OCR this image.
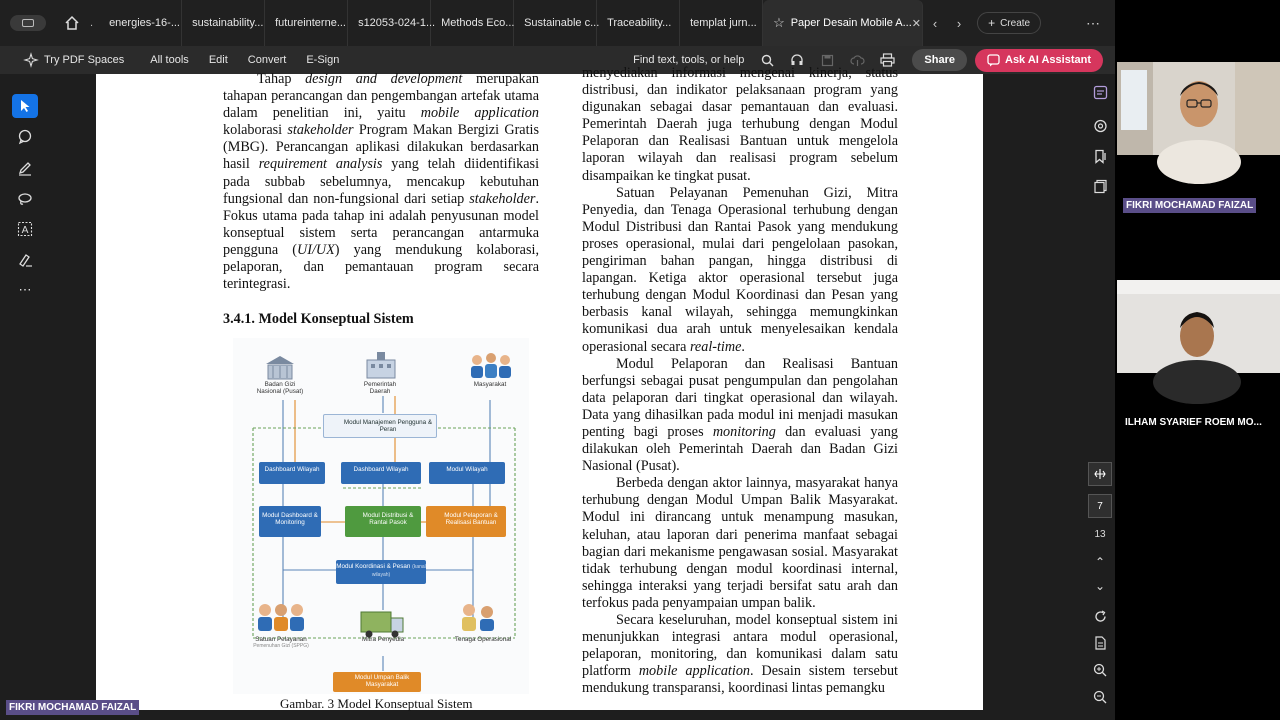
. energies-16-... sustainability... futureinterne... s12053-024-1... Methods Eco... Sustainable c... Traceability... templat jurn... ☆ Paper Desain Mobile A... ✕ ‹	›	+ Create	⋯
Try PDF Spaces	All tools	Edit	Convert	E-Sign	Find text, tools, or help	Share	Ask AI Assistant
A
⋯

Tahap design and development merupakan tahapan perancangan dan pengembangan artefak utama dalam penelitian ini, yaitu mobile application kolaborasi stakeholder Program Makan Bergizi Gratis (MBG). Perancangan aplikasi dilakukan berdasarkan hasil requirement analysis yang telah diidentifikasi pada subbab sebelumnya, mencakup kebutuhan fungsional dan non-fungsional dari setiap stakeholder. Fokus utama pada tahap ini adalah penyusunan model konseptual sistem serta perancangan antarmuka pengguna (UI/UX) yang mendukung kolaborasi, pelaporan, dan pemantauan program secara terintegrasi.

3.4.1. Model Konseptual Sistem
Badan Gizi Nasional (Pusat)
Pemerintah Daerah
Masyarakat
Modul Manajemen Pengguna & Peran
Dashboard Wilayah	Dashboard Wilayah	Modul Wilayah
Modul Dashboard & Monitoring
Modul Distribusi & Rantai Pasok
Modul Pelaporan & Realisasi Bantuan
Modul Koordinasi & Pesan (kanal wilayah)
Satuan Pelayanan
Pemenuhan Gizi (SPPG)
Mitra Penyedia	Tenaga Operasional
Modul Umpan Balik Masyarakat
Gambar. 3 Model Konseptual Sistem
menyediakan informasi mengenai kinerja, status distribusi, dan indikator pelaksanaan program yang digunakan sebagai dasar pemantauan dan evaluasi. Pemerintah Daerah juga terhubung dengan Modul Pelaporan dan Realisasi Bantuan untuk mengelola laporan wilayah dan realisasi program sebelum disampaikan ke tingkat pusat.

Satuan Pelayanan Pemenuhan Gizi, Mitra Penyedia, dan Tenaga Operasional terhubung dengan Modul Distribusi dan Rantai Pasok yang mendukung proses operasional, mulai dari pengelolaan pasokan, pengiriman bahan pangan, hingga distribusi di lapangan. Ketiga aktor operasional tersebut juga terhubung dengan Modul Koordinasi dan Pesan yang berbasis kanal wilayah, sehingga memungkinkan komunikasi dua arah untuk menyelesaikan kendala operasional secara real-time.

Modul Pelaporan dan Realisasi Bantuan berfungsi sebagai pusat pengumpulan dan pengolahan data pelaporan dari tingkat operasional dan wilayah. Data yang dihasilkan pada modul ini menjadi masukan penting bagi proses monitoring dan evaluasi yang dilakukan oleh Pemerintah Daerah dan Badan Gizi Nasional (Pusat).

Berbeda dengan aktor lainnya, masyarakat hanya terhubung dengan Modul Umpan Balik Masyarakat. Modul ini dirancang untuk menampung masukan, keluhan, atau laporan dari penerima manfaat sebagai bagian dari mekanisme pengawasan sosial. Masyarakat tidak terhubung dengan modul koordinasi internal, sehingga interaksi yang terjadi bersifat satu arah dan terfokus pada penyampaian umpan balik.

Secara keseluruhan, model konseptual sistem ini menunjukkan integrasi antara modul operasional, pelaporan, monitoring, dan komunikasi dalam satu platform mobile application. Desain sistem tersebut mendukung transparansi, koordinasi lintas pemangku

7
13
⌃
⌄
FIKRI MOCHAMAD FAIZAL
ILHAM SYARIEF ROEM MO...
FIKRI MOCHAMAD FAIZAL
